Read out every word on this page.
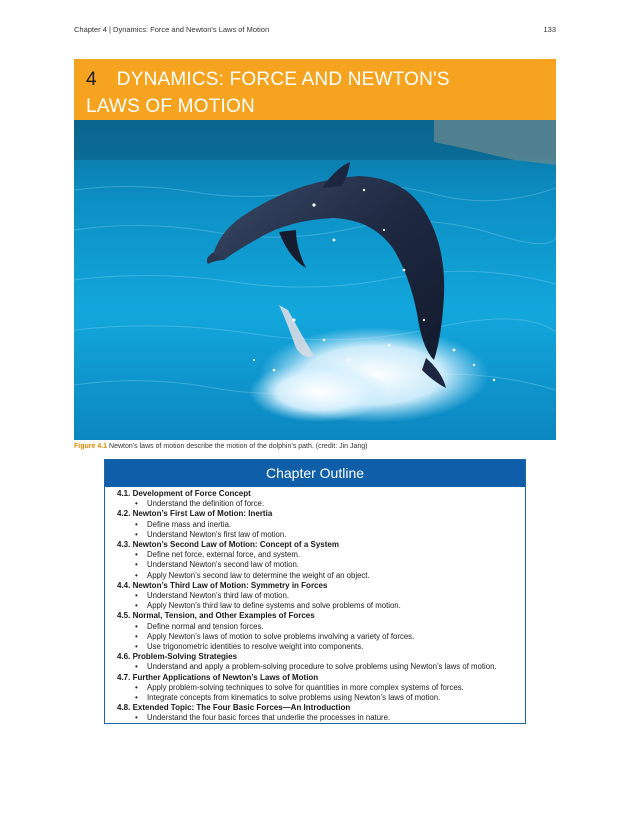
Chapter 4 | Dynamics: Force and Newton's Laws of Motion	133
4 DYNAMICS: FORCE AND NEWTON'S
LAWS OF MOTION
Figure 4.1 Newton’s laws of motion describe the motion of the dolphin’s path. (credit: Jin Jang)
Chapter Outline
4.1. Development of Force Concept
• Understand the definition of force.
4.2. Newton’s First Law of Motion: Inertia
• Define mass and inertia.
• Understand Newton’s first law of motion.
4.3. Newton’s Second Law of Motion: Concept of a System
• Define net force, external force, and system.
• Understand Newton’s second law of motion.
• Apply Newton’s second law to determine the weight of an object.
4.4. Newton’s Third Law of Motion: Symmetry in Forces
• Understand Newton’s third law of motion.
• Apply Newton’s third law to define systems and solve problems of motion.
4.5. Normal, Tension, and Other Examples of Forces
• Define normal and tension forces.
• Apply Newton’s laws of motion to solve problems involving a variety of forces.
• Use trigonometric identities to resolve weight into components.
4.6. Problem-Solving Strategies
• Understand and apply a problem-solving procedure to solve problems using Newton’s laws of motion.
4.7. Further Applications of Newton’s Laws of Motion
• Apply problem-solving techniques to solve for quantities in more complex systems of forces.
• Integrate concepts from kinematics to solve problems using Newton’s laws of motion.
4.8. Extended Topic: The Four Basic Forces—An Introduction
• Understand the four basic forces that underlie the processes in nature.
